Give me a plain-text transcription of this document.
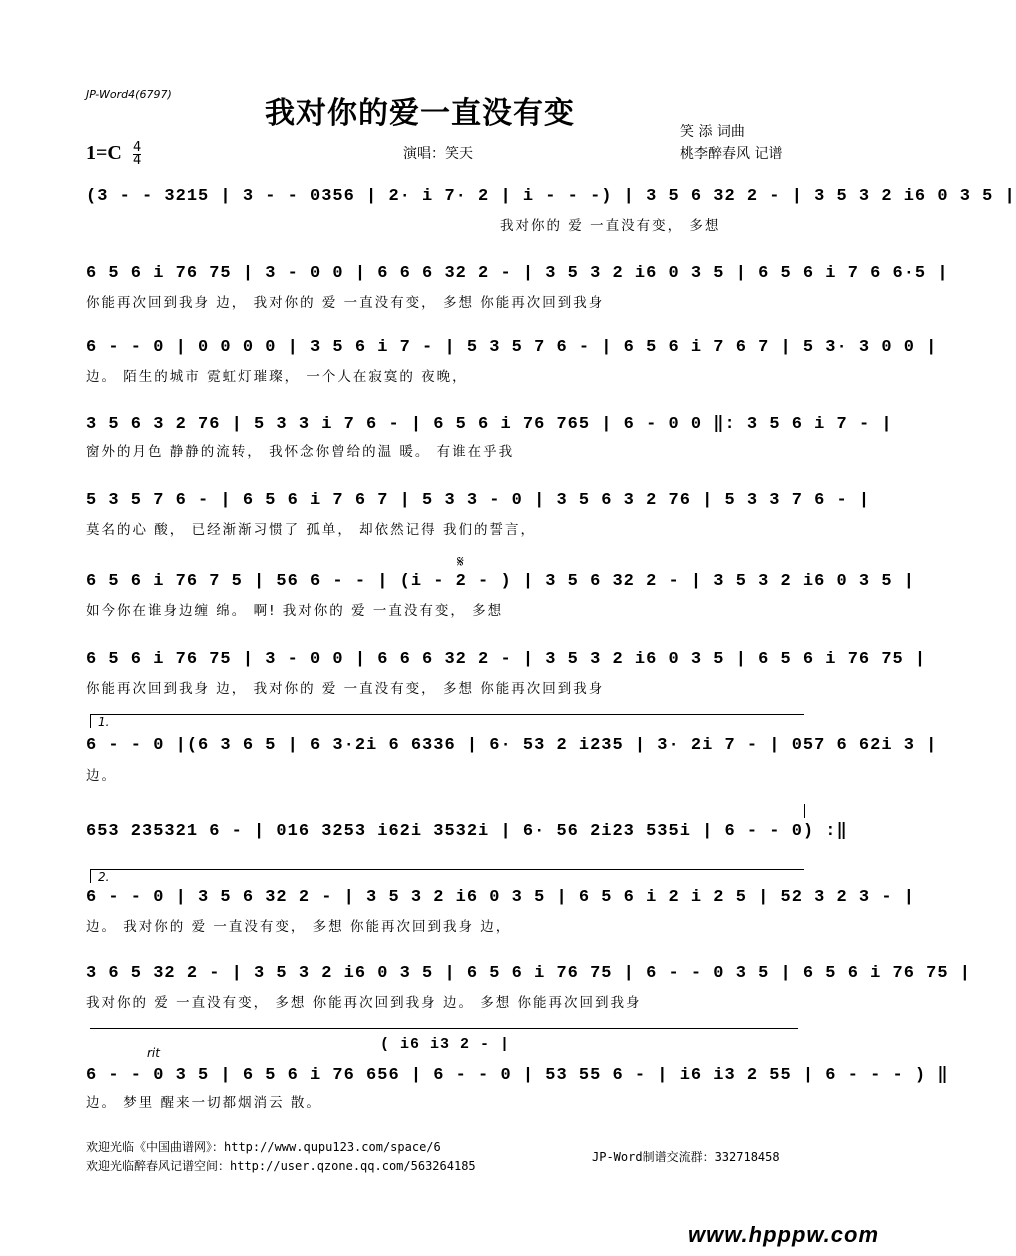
JP-Word4(6797)
我对你的爱一直没有变
笑 添 词曲
桃李醉春风 记谱
演唱：笑天
$1=C \frac{4}{4}$
(3 - - 3215 | 3 - - 0356 | 2· i 7· 2 | i - - -) | 3 5 6 32 2 - | 3 5 3 2 i6 0 3 5 |
我对你的 爱 一直没有变， 多想
6 5 6 i 76 75 | 3 - 0 0 | 6 6 6 32 2 - | 3 5 3 2 i6 0 3 5 | 6 5 6 i 7 6 6·5 |
你能再次回到我身 边， 我对你的 爱 一直没有变， 多想 你能再次回到我身
6 - - 0 | 0 0 0 0 | 3 5 6 i 7 - | 5 3 5 7 6 - | 6 5 6 i 7 6 7 | 5 3· 3 0 0 |
边。 陌生的城市 霓虹灯璀璨， 一个人在寂寞的 夜晚，
3 5 6 3 2 76 | 5 3 3 i 7 6 - | 6 5 6 i 76 765 | 6 - 0 0 ‖: 3 5 6 i 7 - |
窗外的月色 静静的流转， 我怀念你曾给的温 暖。 有谁在乎我
5 3 5 7 6 - | 6 5 6 i 7 6 7 | 5 3 3 - 0 | 3 5 6 3 2 76 | 5 3 3 7 6 - |
莫名的心 酸， 已经渐渐习惯了 孤单， 却依然记得 我们的誓言，
𝄋
6 5 6 i 76 7 5 | 56 6 - - | (i - 2 - ) | 3 5 6 32 2 - | 3 5 3 2 i6 0 3 5 |
如今你在谁身边缠 绵。 啊! 我对你的 爱 一直没有变， 多想
6 5 6 i 76 75 | 3 - 0 0 | 6 6 6 32 2 - | 3 5 3 2 i6 0 3 5 | 6 5 6 i 76 75 |
你能再次回到我身 边， 我对你的 爱 一直没有变， 多想 你能再次回到我身
1.
6 - - 0 |(6 3 6 5 | 6 3·2i 6 6336 | 6· 53 2 i235 | 3· 2i 7 - | 057 6 62i 3 |
边。
653 235321 6 - | 016 3253 i62i 3532i | 6· 56 2i23 535i | 6 - - 0) :‖
2.
6 - - 0 | 3 5 6 32 2 - | 3 5 3 2 i6 0 3 5 | 6 5 6 i 2 i 2 5 | 52 3 2 3 - |
边。 我对你的 爱 一直没有变， 多想 你能再次回到我身 边，
3 6 5 32 2 - | 3 5 3 2 i6 0 3 5 | 6 5 6 i 76 75 | 6 - - 0 3 5 | 6 5 6 i 76 75 |
我对你的 爱 一直没有变， 多想 你能再次回到我身 边。 多想 你能再次回到我身
( i6 i3 2 - |
rit
6 - - 0 3 5 | 6 5 6 i 76 656 | 6 - - 0 | 53 55 6 - | i6 i3 2 55 | 6 - - - ) ‖
边。 梦里 醒来一切都烟消云 散。
欢迎光临《中国曲谱网》：http://www.qupu123.com/space/6
欢迎光临醉春风记谱空间：http://user.qzone.qq.com/563264185
JP-Word制谱交流群：332718458
www.hpppw.com
